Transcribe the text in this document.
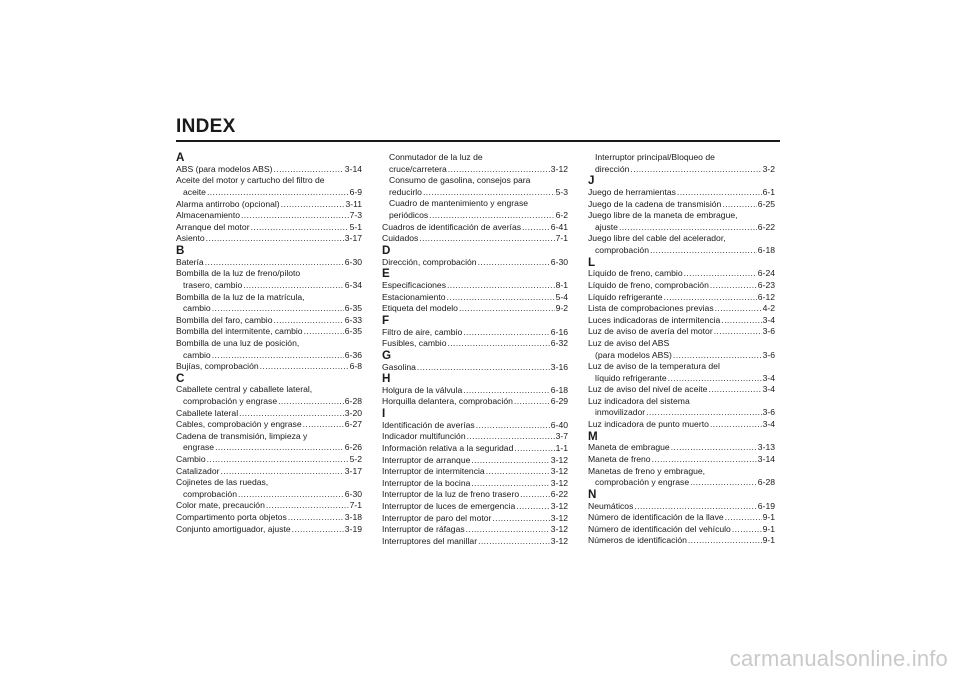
INDEX
A
ABS (para modelos ABS) .....	3-14
Aceite del motor y cartucho del filtro de
aceite .....	6-9
Alarma antirrobo (opcional) .....	3-11
Almacenamiento .....	7-3
Arranque del motor .....	5-1
Asiento .....	3-17
B
Batería .....	6-30
Bombilla de la luz de freno/piloto
trasero, cambio .....	6-34
Bombilla de la luz de la matrícula,
cambio .....	6-35
Bombilla del faro, cambio .....	6-33
Bombilla del intermitente, cambio .....	6-35
Bombilla de una luz de posición,
cambio .....	6-36
Bujías, comprobación .....	6-8
C
Caballete central y caballete lateral,
comprobación y engrase .....	6-28
Caballete lateral .....	3-20
Cables, comprobación y engrase .....	6-27
Cadena de transmisión, limpieza y
engrase .....	6-26
Cambio .....	5-2
Catalizador .....	3-17
Cojinetes de las ruedas,
comprobación .....	6-30
Color mate, precaución .....	7-1
Compartimento porta objetos .....	3-18
Conjunto amortiguador, ajuste .....	3-19
Conmutador de la luz de
cruce/carretera .....	3-12
Consumo de gasolina, consejos para
reducirlo .....	5-3
Cuadro de mantenimiento y engrase
periódicos .....	6-2
Cuadros de identificación de averías .....	6-41
Cuidados .....	7-1
D
Dirección, comprobación .....	6-30
E
Especificaciones .....	8-1
Estacionamiento .....	5-4
Etiqueta del modelo .....	9-2
F
Filtro de aire, cambio .....	6-16
Fusibles, cambio .....	6-32
G
Gasolina .....	3-16
H
Holgura de la válvula .....	6-18
Horquilla delantera, comprobación .....	6-29
I
Identificación de averías .....	6-40
Indicador multifunción .....	3-7
Información relativa a la seguridad .....	1-1
Interruptor de arranque .....	3-12
Interruptor de intermitencia .....	3-12
Interruptor de la bocina .....	3-12
Interruptor de la luz de freno trasero .....	6-22
Interruptor de luces de emergencia .....	3-12
Interruptor de paro del motor .....	3-12
Interruptor de ráfagas .....	3-12
Interruptores del manillar .....	3-12
Interruptor principal/Bloqueo de
dirección .....	3-2
J
Juego de herramientas .....	6-1
Juego de la cadena de transmisión .....	6-25
Juego libre de la maneta de embrague,
ajuste .....	6-22
Juego libre del cable del acelerador,
comprobación .....	6-18
L
Líquido de freno, cambio .....	6-24
Líquido de freno, comprobación .....	6-23
Líquido refrigerante .....	6-12
Lista de comprobaciones previas .....	4-2
Luces indicadoras de intermitencia .....	3-4
Luz de aviso de avería del motor .....	3-6
Luz de aviso del ABS
(para modelos ABS) .....	3-6
Luz de aviso de la temperatura del
líquido refrigerante .....	3-4
Luz de aviso del nivel de aceite .....	3-4
Luz indicadora del sistema
inmovilizador .....	3-6
Luz indicadora de punto muerto .....	3-4
M
Maneta de embrague .....	3-13
Maneta de freno .....	3-14
Manetas de freno y embrague,
comprobación y engrase .....	6-28
N
Neumáticos .....	6-19
Número de identificación de la llave .....	9-1
Número de identificación del vehículo .....	9-1
Números de identificación .....	9-1
carmanualsonline.info
